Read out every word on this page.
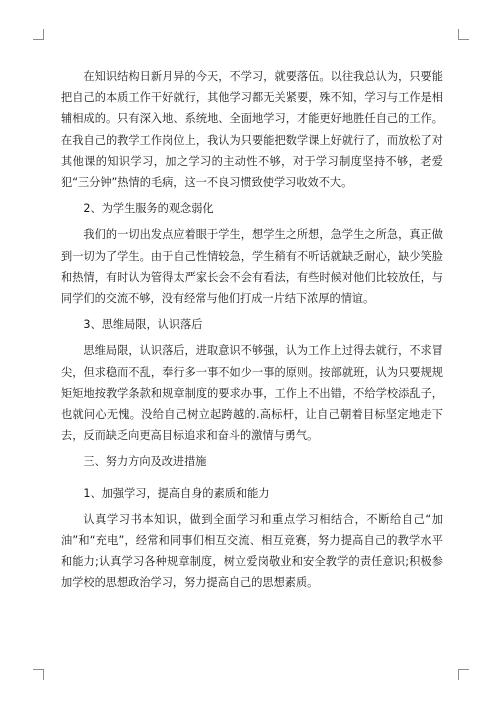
在知识结构日新月异的今天，不学习，就要落伍。以往我总认为，只要能把自己的本质工作干好就行，其他学习都无关紧要，殊不知，学习与工作是相辅相成的。只有深入地、系统地、全面地学习，才能更好地胜任自己的工作。在我自己的教学工作岗位上，我认为只要能把数学课上好就行了，而放松了对其他课的知识学习，加之学习的主动性不够，对于学习制度坚持不够，老爱犯“三分钟”热情的毛病，这一不良习惯致使学习收效不大。

2、为学生服务的观念弱化

我们的一切出发点应着眼于学生，想学生之所想，急学生之所急，真正做到一切为了学生。由于自己性情较急，学生稍有不听话就缺乏耐心，缺少笑脸和热情，有时认为管得太严家长会不会有看法，有些时候对他们比较放任，与同学们的交流不够，没有经常与他们打成一片结下浓厚的情谊。

3、思维局限，认识落后

思维局限，认识落后，进取意识不够强，认为工作上过得去就行，不求冒尖，但求稳而不乱，奉行多一事不如少一事的原则。按部就班，认为只要规规矩矩地按教学条款和规章制度的要求办事，工作上不出错，不给学校添乱子，也就问心无愧。没给自己树立起跨越的.高标杆，让自己朝着目标坚定地走下去，反而缺乏向更高目标追求和奋斗的激情与勇气。

三、努力方向及改进措施

1、加强学习，提高自身的素质和能力

认真学习书本知识，做到全面学习和重点学习相结合，不断给自己“加油”和“充电”，经常和同事们相互交流、相互竞赛，努力提高自己的教学水平和能力;认真学习各种规章制度，树立爱岗敬业和安全教学的责任意识;积极参加学校的思想政治学习，努力提高自己的思想素质。
